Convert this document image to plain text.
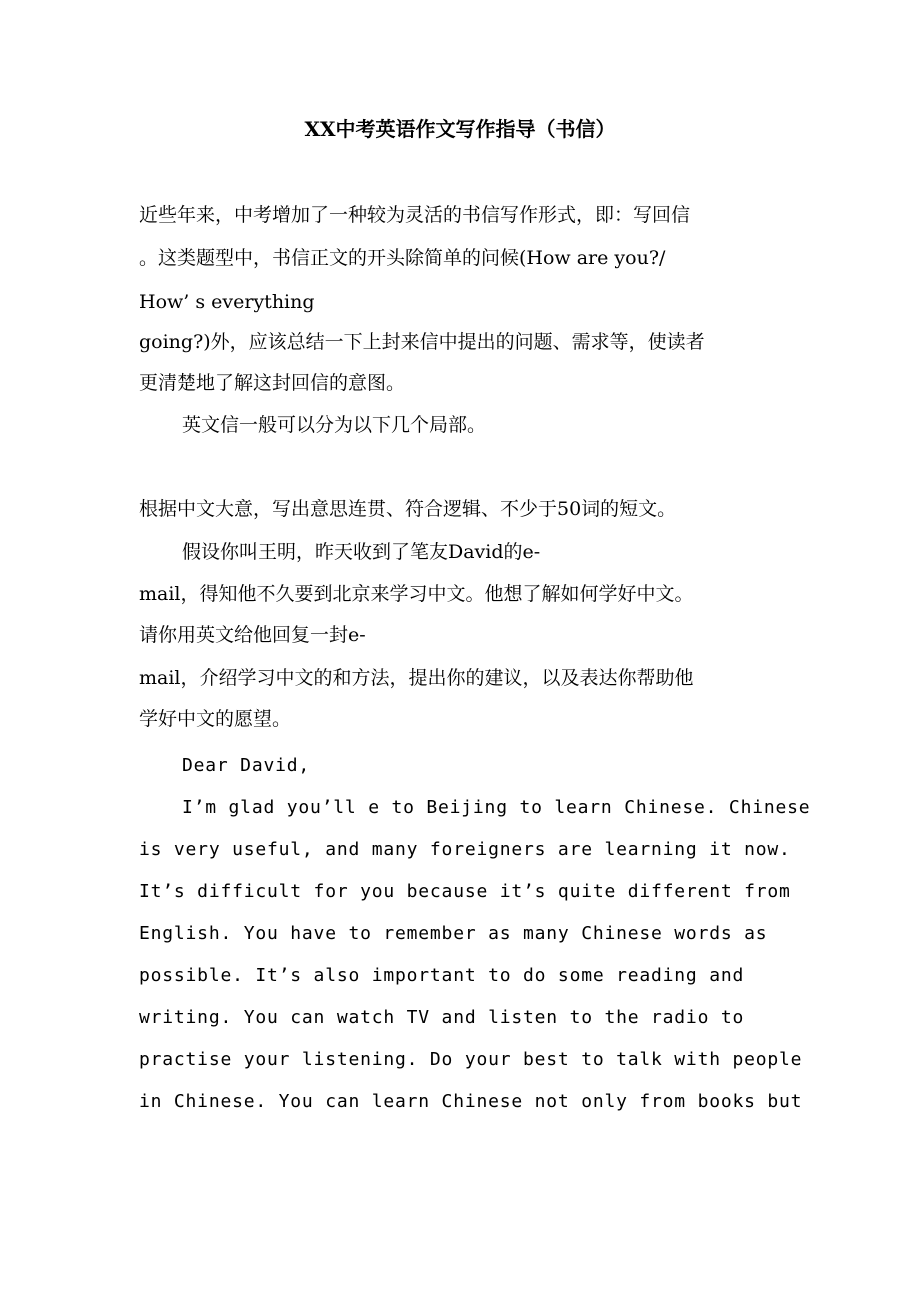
XX中考英语作文写作指导（书信）
近些年来，中考增加了一种较为灵活的书信写作形式，即：写回信
。这类题型中，书信正文的开头除简单的问候(How are you?/
How’ s everything
going?)外，应该总结一下上封来信中提出的问题、需求等，使读者
更清楚地了解这封回信的意图。
英文信一般可以分为以下几个局部。
根据中文大意，写出意思连贯、符合逻辑、不少于50词的短文。
假设你叫王明，昨天收到了笔友David的e-
mail，得知他不久要到北京来学习中文。他想了解如何学好中文。
请你用英文给他回复一封e-
mail，介绍学习中文的和方法，提出你的建议，以及表达你帮助他
学好中文的愿望。
Dear David,
I’m glad you’ll e to Beijing to learn Chinese. Chinese
is very useful, and many foreigners are learning it now.
It’s difficult for you because it’s quite different from
English. You have to remember as many Chinese words as
possible. It’s also important to do some reading and
writing. You can watch TV and listen to the radio to
practise your listening. Do your best to talk with people
in Chinese. You can learn Chinese not only from books but
